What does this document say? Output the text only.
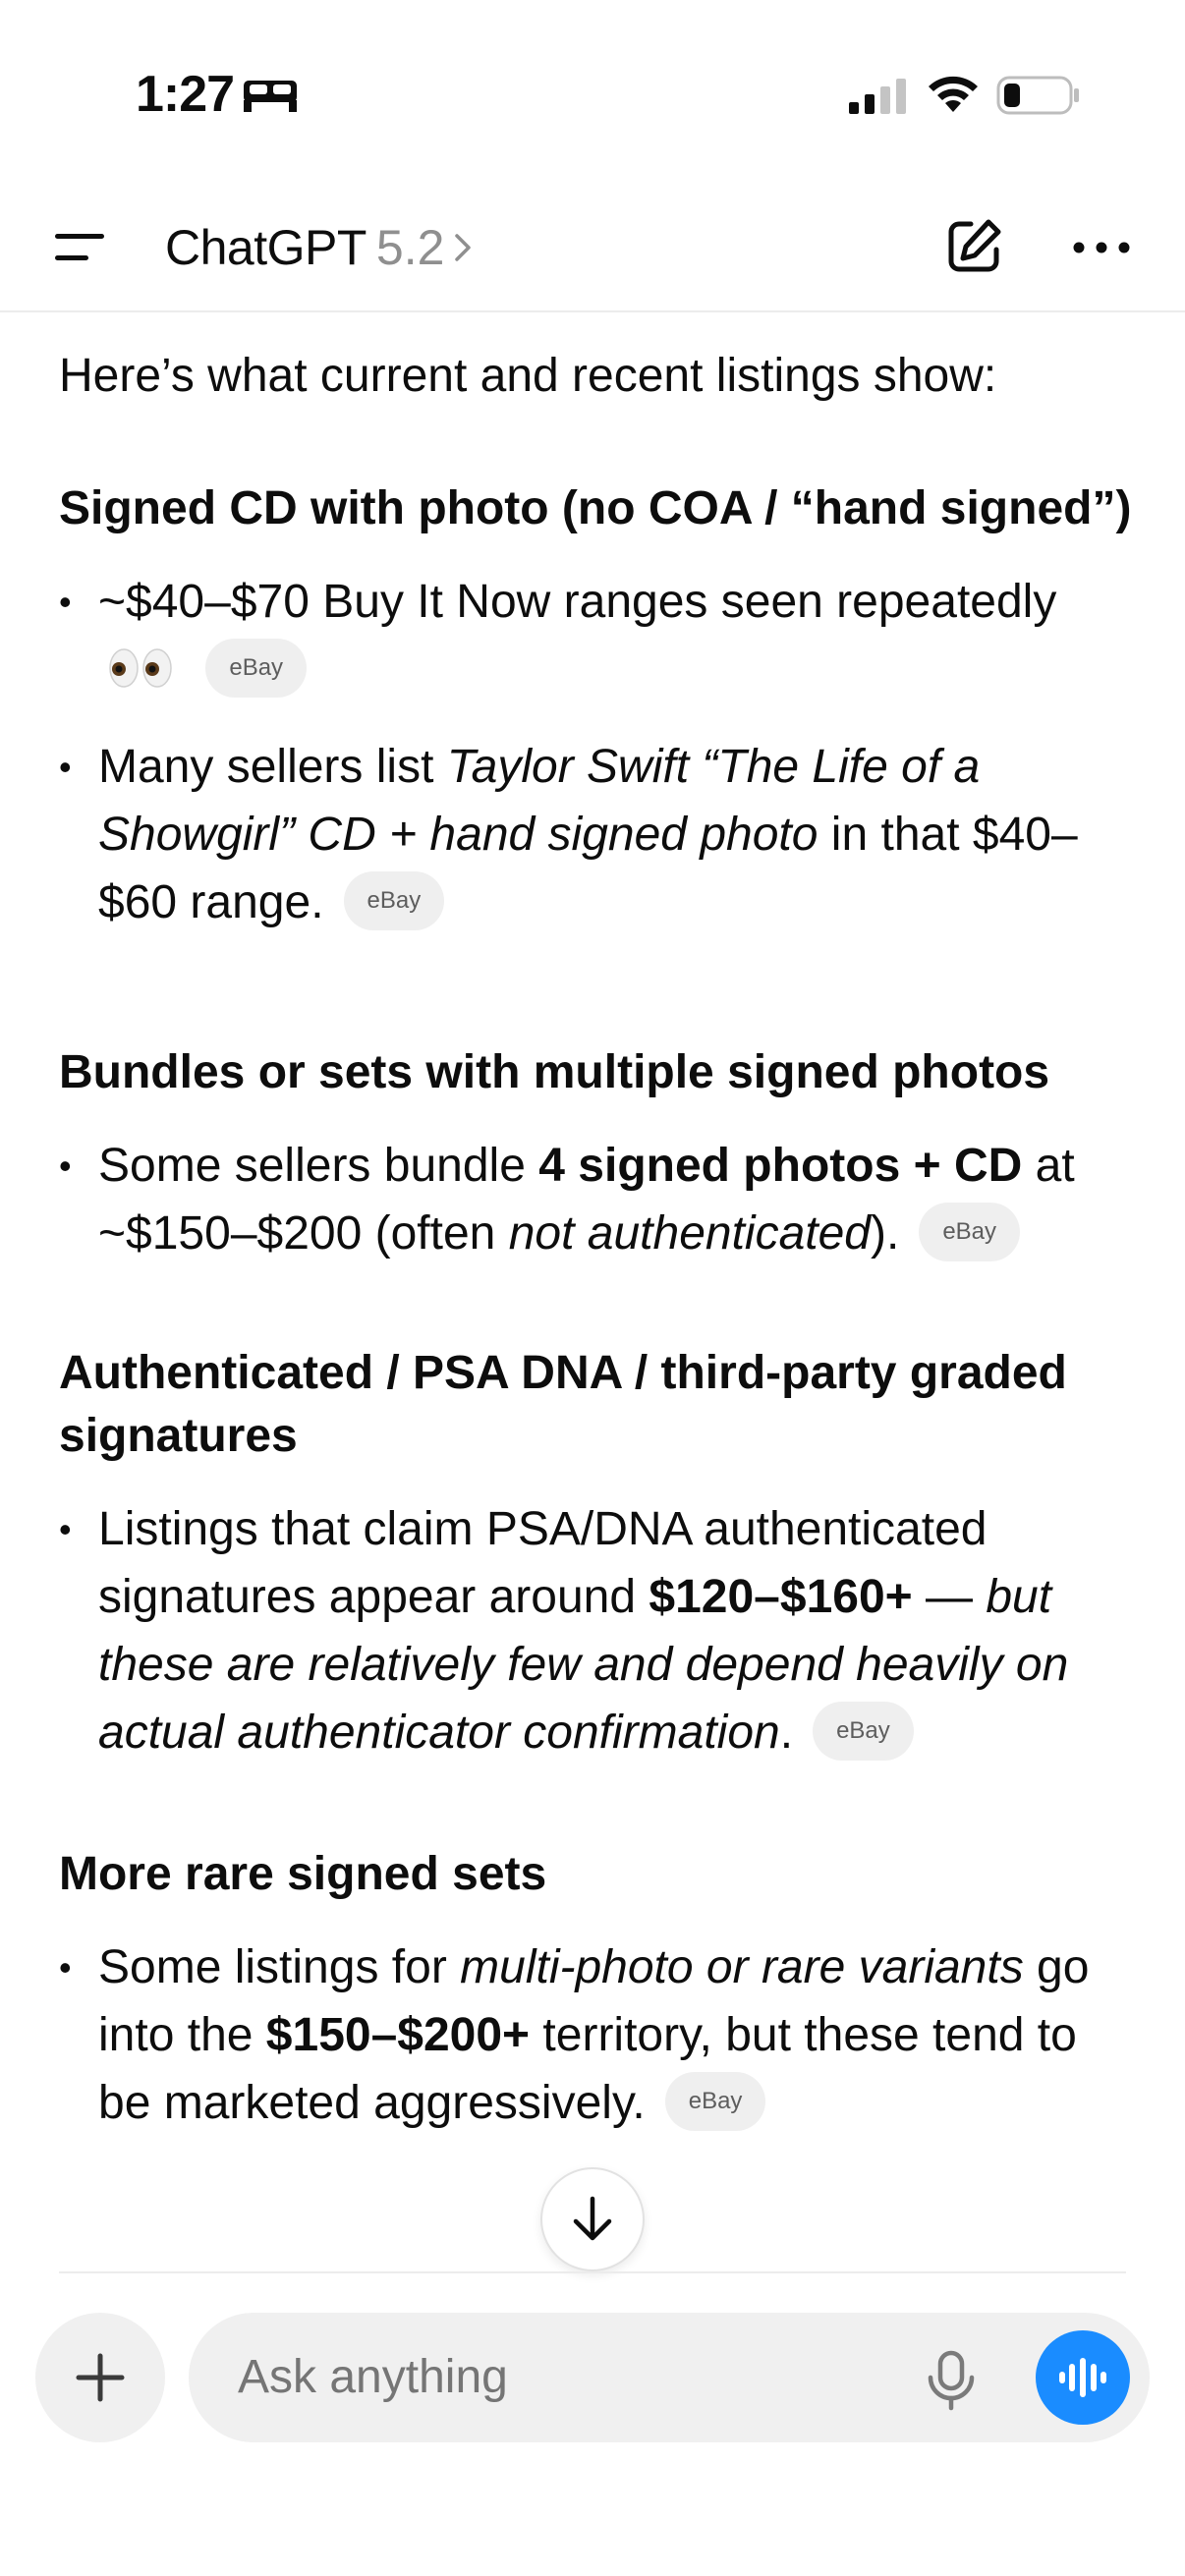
1:27
ChatGPT 5.2

Here’s what current and recent listings show:

Signed CD with photo (no COA / “hand signed”)
• ~$40–$70 Buy It Now ranges seen repeatedly  eBay
• Many sellers list Taylor Swift “The Life of a Showgirl” CD + hand signed photo in that $40–$60 range. eBay
Bundles or sets with multiple signed photos
• Some sellers bundle 4 signed photos + CD at ~$150–$200 (often not authenticated). eBay
Authenticated / PSA DNA / third-party graded signatures
• Listings that claim PSA/DNA authenticated signatures appear around $120–$160+ — but these are relatively few and depend heavily on actual authenticator confirmation. eBay
More rare signed sets
• Some listings for multi-photo or rare variants go into the $150–$200+ territory, but these tend to be marketed aggressively. eBay
Ask anything
